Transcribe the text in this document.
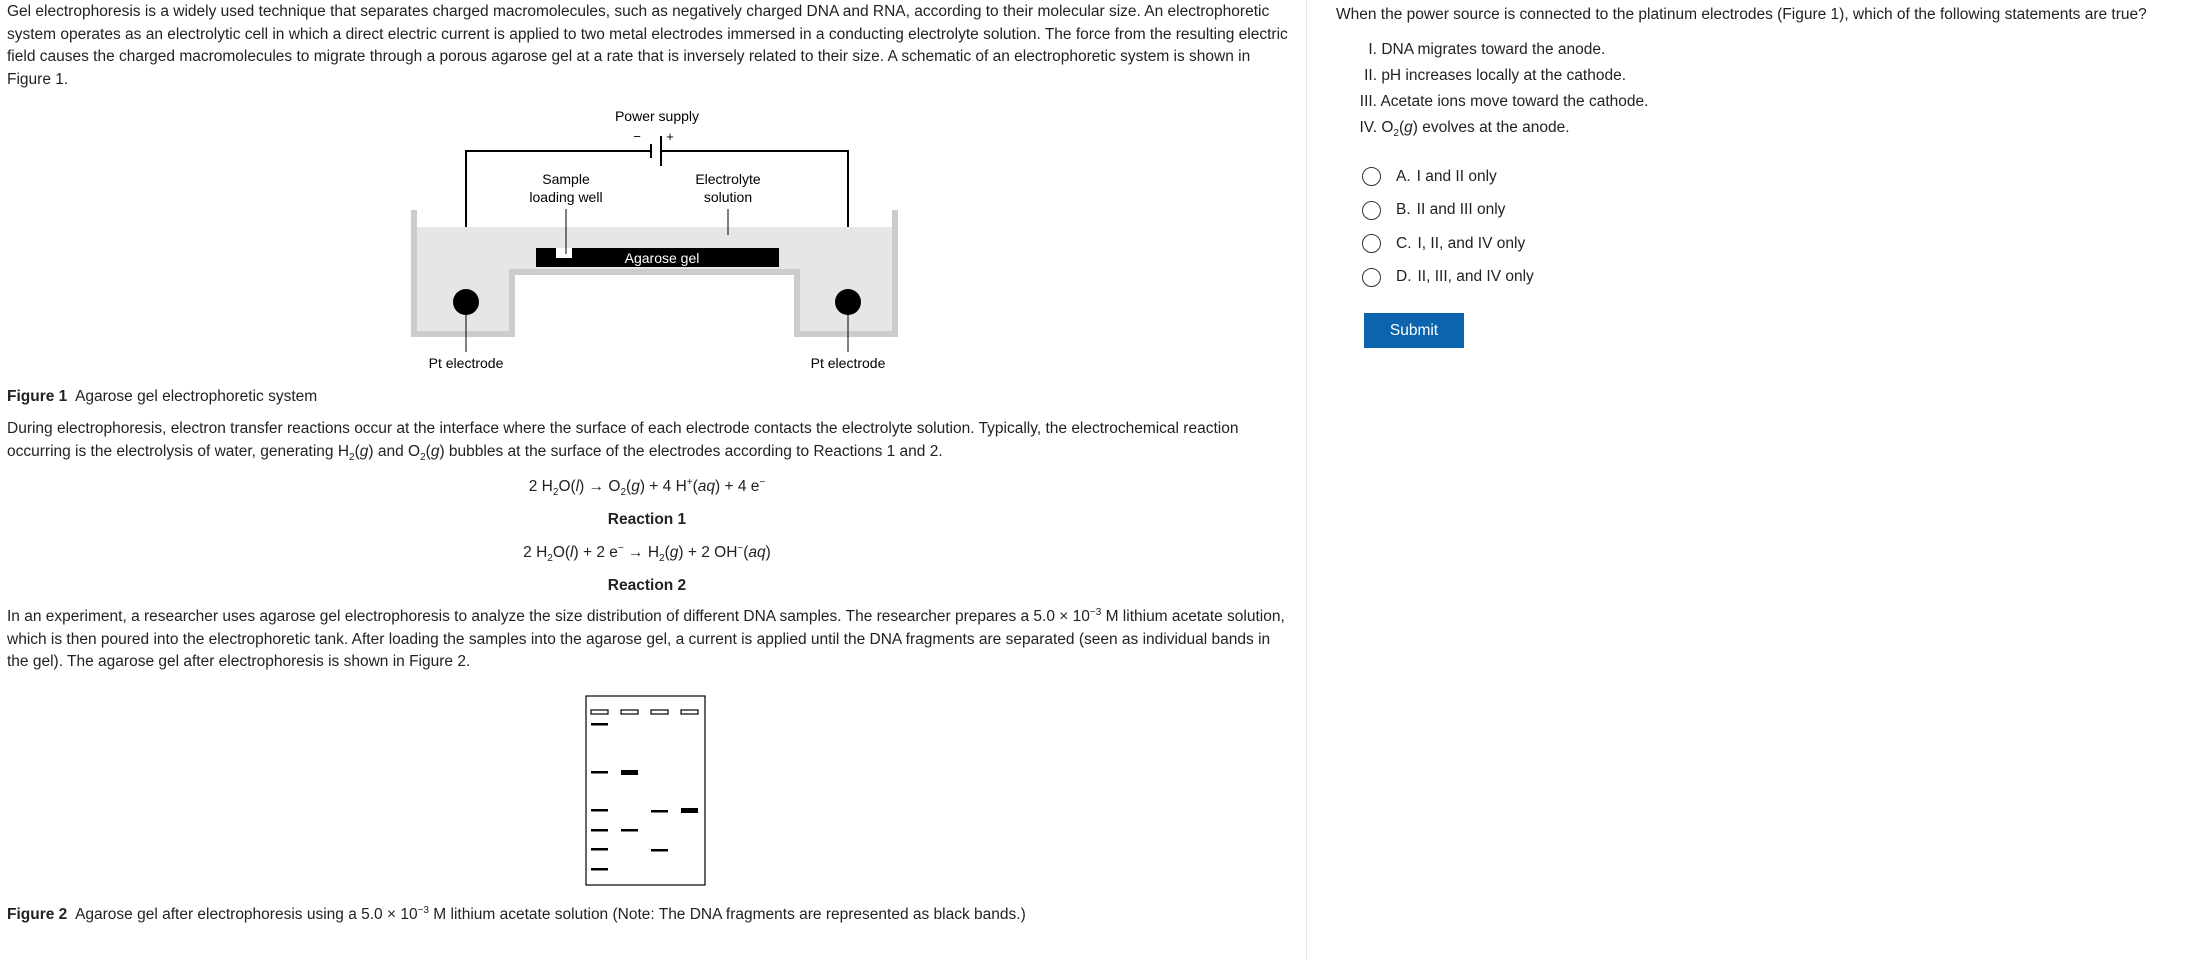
Gel electrophoresis is a widely used technique that separates charged macromolecules, such as negatively charged DNA and RNA, according to their molecular size. An electrophoretic system operates as an electrolytic cell in which a direct electric current is applied to two metal electrodes immersed in a conducting electrolyte solution. The force from the resulting electric field causes the charged macromolecules to migrate through a porous agarose gel at a rate that is inversely related to their size. A schematic of an electrophoretic system is shown in Figure 1.

Power supply
− +
Agarose gel
Sample
loading well
Electrolyte
solution
Pt electrode	Pt electrode

Figure 1 Agarose gel electrophoretic system

During electrophoresis, electron transfer reactions occur at the interface where the surface of each electrode contacts the electrolyte solution. Typically, the electrochemical reaction occurring is the electrolysis of water, generating $H_2(g)$ and $O_2(g)$ bubbles at the surface of the electrodes according to Reactions 1 and 2.

2 $H_2O(l) \to O_2(g) + 4$ H+(aq) + 4 e−

Reaction 1

2 $H_2O(l) + 2$ $e^- \to H_2(g) + 2$ OH−(aq)

Reaction 2

In an experiment, a researcher uses agarose gel electrophoresis to analyze the size distribution of different DNA samples. The researcher prepares a $5.0 \times 10^{-3}$ M lithium acetate solution, which is then poured into the electrophoretic tank. After loading the samples into the agarose gel, a current is applied until the DNA fragments are separated (seen as individual bands in the gel). The agarose gel after electrophoresis is shown in Figure 2.

Figure 2 Agarose gel after electrophoresis using a $5.0 \times 10^{-3}$ M lithium acetate solution (Note: The DNA fragments are represented as black bands.)

When the power source is connected to the platinum electrodes (Figure 1), which of the following statements are true?

I. DNA migrates toward the anode.
II. pH increases locally at the cathode.
III. Acetate ions move toward the cathode.
IV. $O_2(g)$ evolves at the anode.
A. I and II only
B. II and III only
C. I, II, and IV only
D. II, III, and IV only
Submit
